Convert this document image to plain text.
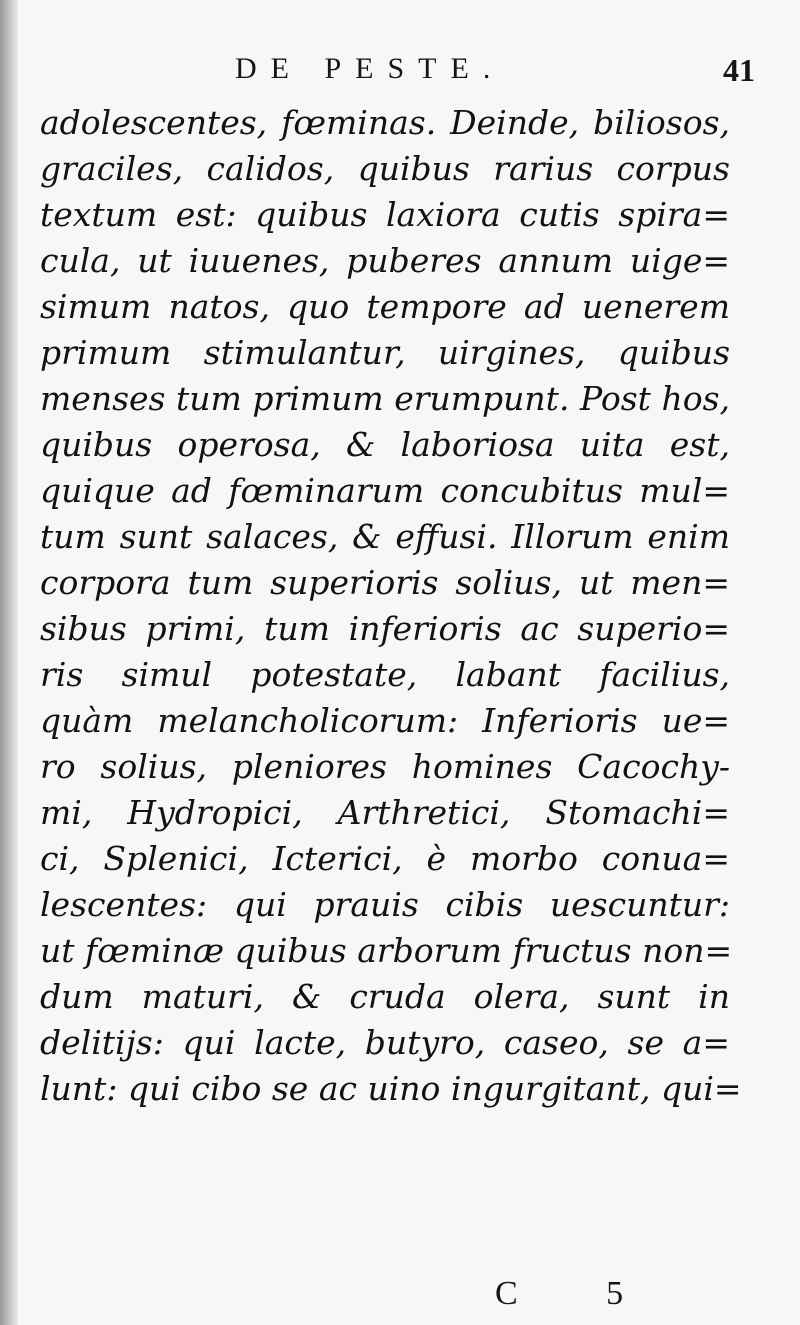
DE PESTE.	41
adolescentes, fœminas. Deinde, biliosos,
graciles, calidos, quibus rarius corpus
textum est: quibus laxiora cutis spira=
cula, ut iuuenes, puberes annum uige=
simum natos, quo tempore ad uenerem
primum stimulantur, uirgines, quibus
menses tum primum erumpunt. Post hos,
quibus operosa, & laboriosa uita est,
quique ad fœminarum concubitus mul=
tum sunt salaces, & effusi. Illorum enim
corpora tum superioris solius, ut men=
sibus primi, tum inferioris ac superio=
ris simul potestate, labant facilius,
quàm melancholicorum: Inferioris ue=
ro solius, pleniores homines Cacochy-
mi, Hydropici, Arthretici, Stomachi=
ci, Splenici, Icterici, è morbo conua=
lescentes: qui prauis cibis uescuntur:
ut fœminæ quibus arborum fructus non=
dum maturi, & cruda olera, sunt in
delitijs: qui lacte, butyro, caseo, se a=
lunt: qui cibo se ac uino ingurgitant, qui=
C 5
